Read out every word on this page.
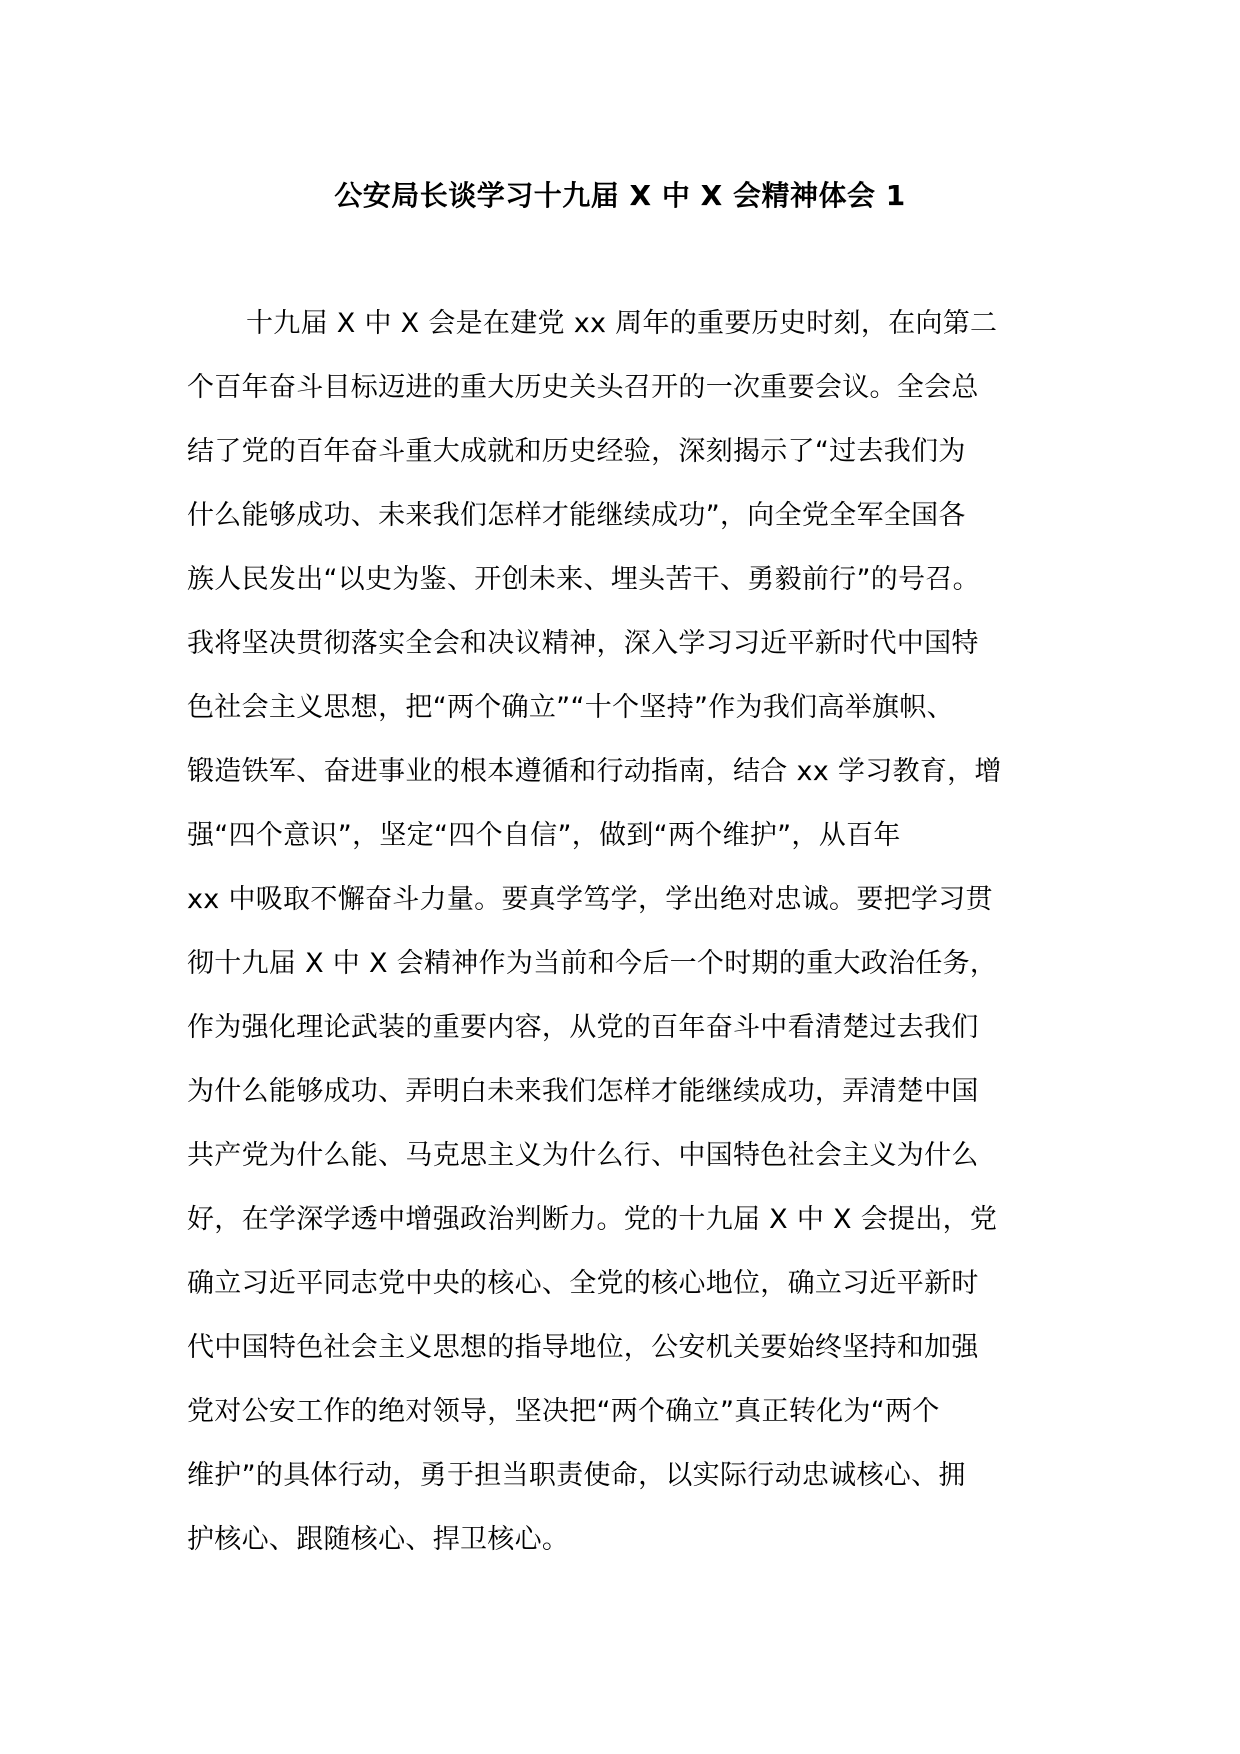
公安局长谈学习十九届 X 中 X 会精神体会 1
十九届 X 中 X 会是在建党 xx 周年的重要历史时刻，在向第二
个百年奋斗目标迈进的重大历史关头召开的一次重要会议。全会总
结了党的百年奋斗重大成就和历史经验，深刻揭示了“过去我们为
什么能够成功、未来我们怎样才能继续成功”，向全党全军全国各
族人民发出“以史为鉴、开创未来、埋头苦干、勇毅前行”的号召。
我将坚决贯彻落实全会和决议精神，深入学习习近平新时代中国特
色社会主义思想，把“两个确立”“十个坚持”作为我们高举旗帜、
锻造铁军、奋进事业的根本遵循和行动指南，结合 xx 学习教育，增
强“四个意识”，坚定“四个自信”，做到“两个维护”，从百年
xx 中吸取不懈奋斗力量。要真学笃学，学出绝对忠诚。要把学习贯
彻十九届 X 中 X 会精神作为当前和今后一个时期的重大政治任务，
作为强化理论武装的重要内容，从党的百年奋斗中看清楚过去我们
为什么能够成功、弄明白未来我们怎样才能继续成功，弄清楚中国
共产党为什么能、马克思主义为什么行、中国特色社会主义为什么
好，在学深学透中增强政治判断力。党的十九届 X 中 X 会提出，党
确立习近平同志党中央的核心、全党的核心地位，确立习近平新时
代中国特色社会主义思想的指导地位，公安机关要始终坚持和加强
党对公安工作的绝对领导，坚决把“两个确立”真正转化为“两个
维护”的具体行动，勇于担当职责使命，以实际行动忠诚核心、拥
护核心、跟随核心、捍卫核心。
